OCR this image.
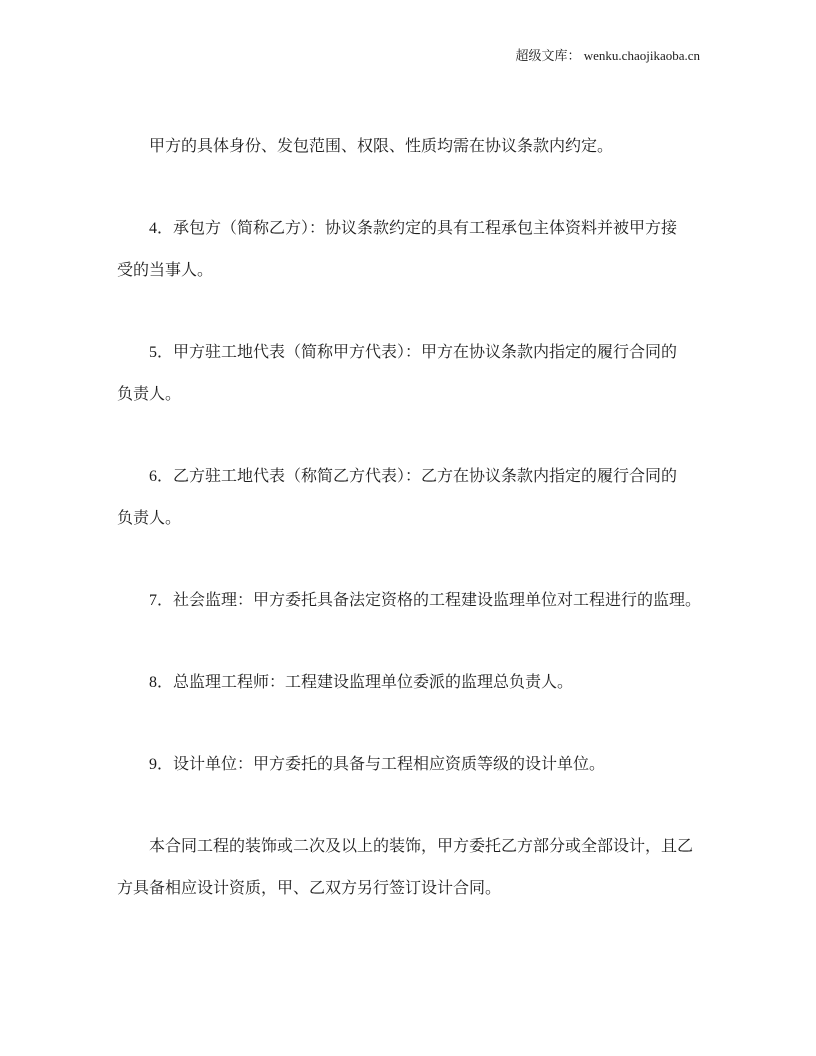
超级文库： wenku.chaojikaoba.cn
甲方的具体身份、发包范围、权限、性质均需在协议条款内约定。
4．承包方（简称乙方）：协议条款约定的具有工程承包主体资料并被甲方接
受的当事人。
5．甲方驻工地代表（简称甲方代表）：甲方在协议条款内指定的履行合同的
负责人。
6．乙方驻工地代表（称简乙方代表）：乙方在协议条款内指定的履行合同的
负责人。
7．社会监理：甲方委托具备法定资格的工程建设监理单位对工程进行的监理。
8．总监理工程师：工程建设监理单位委派的监理总负责人。
9．设计单位：甲方委托的具备与工程相应资质等级的设计单位。
本合同工程的装饰或二次及以上的装饰，甲方委托乙方部分或全部设计，且乙
方具备相应设计资质，甲、乙双方另行签订设计合同。
